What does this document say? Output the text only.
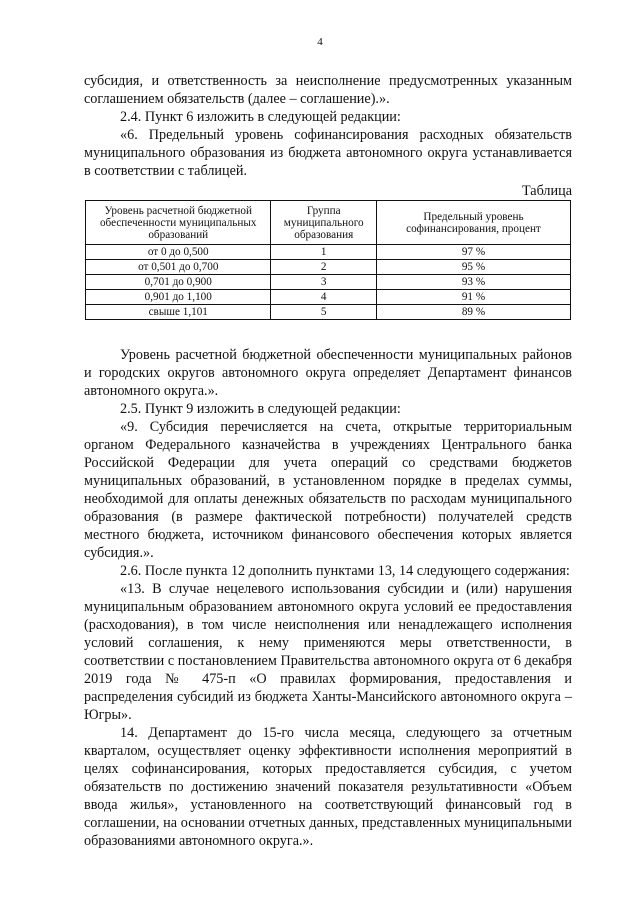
4

субсидия, и ответственность за неисполнение предусмотренных указанным соглашением обязательств (далее – соглашение).».

2.4. Пункт 6 изложить в следующей редакции:

«6. Предельный уровень софинансирования расходных обязательств муниципального образования из бюджета автономного округа устанавливается в соответствии с таблицей.

Таблица
Уровень расчетной бюджетной обеспеченности муниципальных образований	Группа муниципального образования	Предельный уровень софинансирования, процент
от 0 до 0,500	1	97 %
от 0,501 до 0,700	2	95 %
0,701 до 0,900	3	93 %
0,901 до 1,100	4	91 %
свыше 1,101	5	89 %

Уровень расчетной бюджетной обеспеченности муниципальных районов и городских округов автономного округа определяет Департамент финансов автономного округа.».

2.5. Пункт 9 изложить в следующей редакции:

«9. Субсидия перечисляется на счета, открытые территориальным органом Федерального казначейства в учреждениях Центрального банка Российской Федерации для учета операций со средствами бюджетов муниципальных образований, в установленном порядке в пределах суммы, необходимой для оплаты денежных обязательств по расходам муниципального образования (в размере фактической потребности) получателей средств местного бюджета, источником финансового обеспечения которых является субсидия.».

2.6. После пункта 12 дополнить пунктами 13, 14 следующего содержания:

«13. В случае нецелевого использования субсидии и (или) нарушения муниципальным образованием автономного округа условий ее предоставления (расходования), в том числе неисполнения или ненадлежащего исполнения условий соглашения, к нему применяются меры ответственности, в соответствии с постановлением Правительства автономного округа от 6 декабря 2019 года № 475-п «О правилах формирования, предоставления и распределения субсидий из бюджета Ханты-Мансийского автономного округа – Югры».

14. Департамент до 15-го числа месяца, следующего за отчетным кварталом, осуществляет оценку эффективности исполнения мероприятий в целях софинансирования, которых предоставляется субсидия, с учетом обязательств по достижению значений показателя результативности «Объем ввода жилья», установленного на соответствующий финансовый год в соглашении, на основании отчетных данных, представленных муниципальными образованиями автономного округа.».
